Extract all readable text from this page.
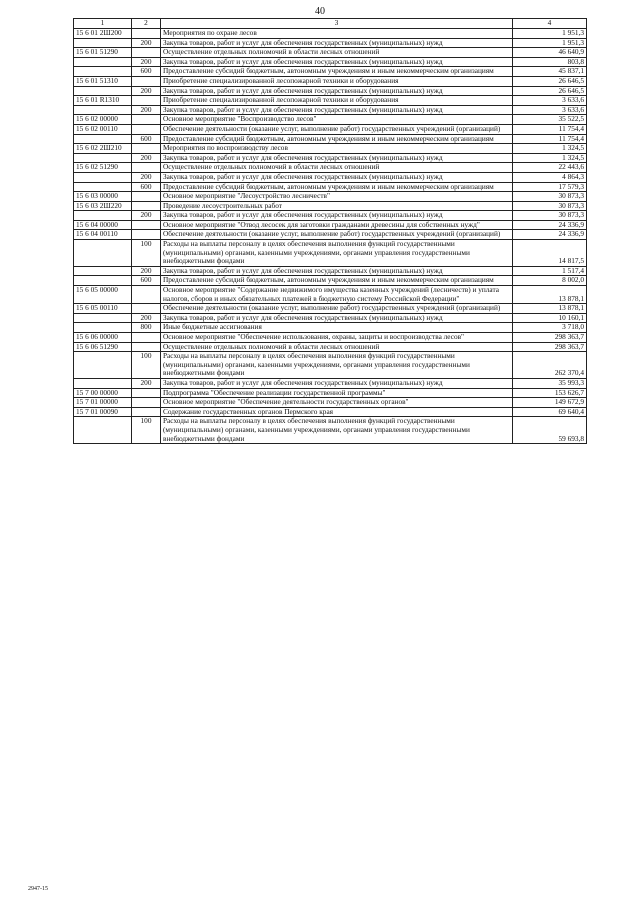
40
1	2	3	4
15 6 01 2Ш200		Мероприятия по охране лесов	1 951,3
	200	Закупка товаров, работ и услуг для обеспечения государственных (муниципальных) нужд	1 951,3
15 6 01 51290		Осуществление отдельных полномочий в области лесных отношений	46 640,9
	200	Закупка товаров, работ и услуг для обеспечения государственных (муниципальных) нужд	803,8
	600	Предоставление субсидий бюджетным, автономным учреждениям и иным некоммерческим организациям	45 837,1
15 6 01 51310		Приобретение специализированной лесопожарной техники и оборудования	26 646,5
	200	Закупка товаров, работ и услуг для обеспечения государственных (муниципальных) нужд	26 646,5
15 6 01 R1310		Приобретение специализированной лесопожарной техники и оборудования	3 633,6
	200	Закупка товаров, работ и услуг для обеспечения государственных (муниципальных) нужд	3 633,6
15 6 02 00000		Основное мероприятие "Воспроизводство лесов"	35 522,5
15 6 02 00110		Обеспечение деятельности (оказание услуг, выполнение работ) государственных учреждений (организаций)	11 754,4
	600	Предоставление субсидий бюджетным, автономным учреждениям и иным некоммерческим организациям	11 754,4
15 6 02 2Ш210		Мероприятия по воспроизводству лесов	1 324,5
	200	Закупка товаров, работ и услуг для обеспечения государственных (муниципальных) нужд	1 324,5
15 6 02 51290		Осуществление отдельных полномочий в области лесных отношений	22 443,6
	200	Закупка товаров, работ и услуг для обеспечения государственных (муниципальных) нужд	4 864,3
	600	Предоставление субсидий бюджетным, автономным учреждениям и иным некоммерческим организациям	17 579,3
15 6 03 00000		Основное мероприятие "Лесоустройство лесничеств"	30 873,3
15 6 03 2Ш220		Проведение лесоустроительных работ	30 873,3
	200	Закупка товаров, работ и услуг для обеспечения государственных (муниципальных) нужд	30 873,3
15 6 04 00000		Основное мероприятие "Отвод лесосек для заготовки гражданами древесины для собственных нужд"	24 336,9
15 6 04 00110		Обеспечение деятельности (оказание услуг, выполнение работ) государственных учреждений (организаций)	24 336,9
	100	Расходы на выплаты персоналу в целях обеспечения выполнения функций государственными (муниципальными) органами, казенными учреждениями, органами управления государственными внебюджетными фондами	14 817,5
	200	Закупка товаров, работ и услуг для обеспечения государственных (муниципальных) нужд	1 517,4
	600	Предоставление субсидий бюджетным, автономным учреждениям и иным некоммерческим организациям	8 002,0
15 6 05 00000		Основное мероприятие "Содержание недвижимого имущества казенных учреждений (лесничеств) и уплата налогов, сборов и иных обязательных платежей в бюджетную систему Российской Федерации"	13 878,1
15 6 05 00110		Обеспечение деятельности (оказание услуг, выполнение работ) государственных учреждений (организаций)	13 878,1
	200	Закупка товаров, работ и услуг для обеспечения государственных (муниципальных) нужд	10 160,1
	800	Иные бюджетные ассигнования	3 718,0
15 6 06 00000		Основное мероприятие "Обеспечение использования, охраны, защиты и воспроизводства лесов"	298 363,7
15 6 06 51290		Осуществление отдельных полномочий в области лесных отношений	298 363,7
	100	Расходы на выплаты персоналу в целях обеспечения выполнения функций государственными (муниципальными) органами, казенными учреждениями, органами управления государственными внебюджетными фондами	262 370,4
	200	Закупка товаров, работ и услуг для обеспечения государственных (муниципальных) нужд	35 993,3
15 7 00 00000		Подпрограмма "Обеспечение реализации государственной программы"	153 626,7
15 7 01 00000		Основное мероприятие "Обеспечение деятельности государственных органов"	149 672,9
15 7 01 00090		Содержание государственных органов Пермского края	69 640,4
	100	Расходы на выплаты персоналу в целях обеспечения выполнения функций государственными (муниципальными) органами, казенными учреждениями, органами управления государственными внебюджетными фондами	59 693,8
2947-15
